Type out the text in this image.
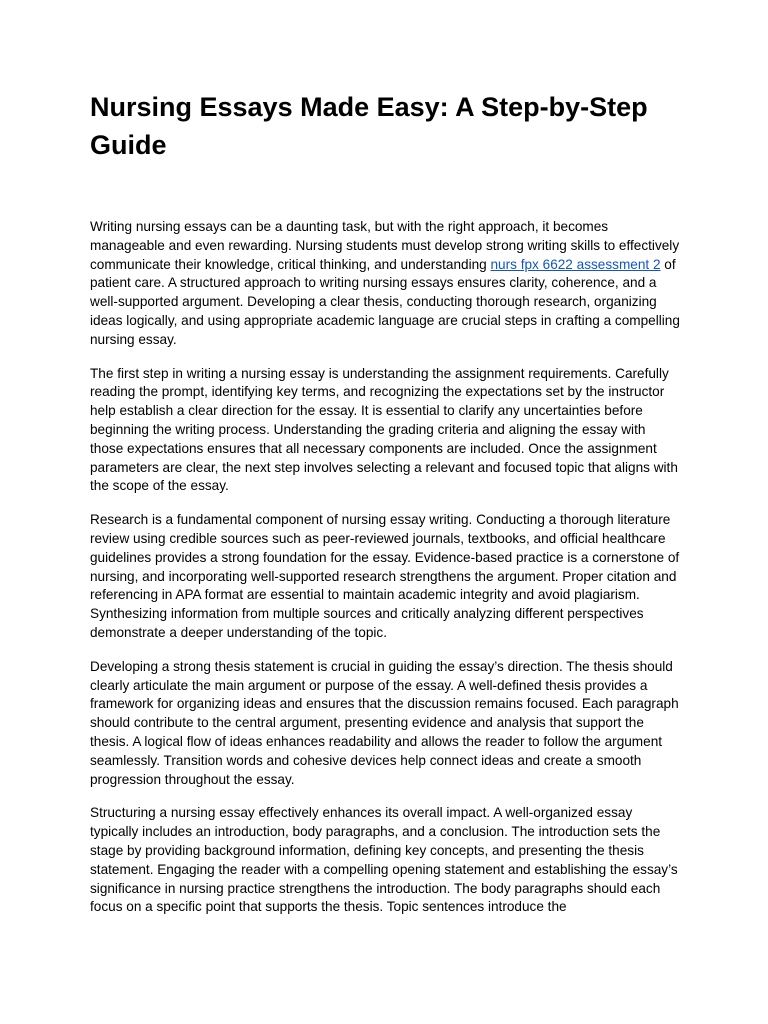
Nursing Essays Made Easy: A Step-by-Step Guide

Writing nursing essays can be a daunting task, but with the right approach, it becomes manageable and even rewarding. Nursing students must develop strong writing skills to effectively communicate their knowledge, critical thinking, and understanding nurs fpx 6622 assessment 2 of patient care. A structured approach to writing nursing essays ensures clarity, coherence, and a well-supported argument. Developing a clear thesis, conducting thorough research, organizing ideas logically, and using appropriate academic language are crucial steps in crafting a compelling nursing essay.

The first step in writing a nursing essay is understanding the assignment requirements. Carefully reading the prompt, identifying key terms, and recognizing the expectations set by the instructor help establish a clear direction for the essay. It is essential to clarify any uncertainties before beginning the writing process. Understanding the grading criteria and aligning the essay with those expectations ensures that all necessary components are included. Once the assignment parameters are clear, the next step involves selecting a relevant and focused topic that aligns with the scope of the essay.

Research is a fundamental component of nursing essay writing. Conducting a thorough literature review using credible sources such as peer-reviewed journals, textbooks, and official healthcare guidelines provides a strong foundation for the essay. Evidence-based practice is a cornerstone of nursing, and incorporating well-supported research strengthens the argument. Proper citation and referencing in APA format are essential to maintain academic integrity and avoid plagiarism. Synthesizing information from multiple sources and critically analyzing different perspectives demonstrate a deeper understanding of the topic.

Developing a strong thesis statement is crucial in guiding the essay’s direction. The thesis should clearly articulate the main argument or purpose of the essay. A well-defined thesis provides a framework for organizing ideas and ensures that the discussion remains focused. Each paragraph should contribute to the central argument, presenting evidence and analysis that support the thesis. A logical flow of ideas enhances readability and allows the reader to follow the argument seamlessly. Transition words and cohesive devices help connect ideas and create a smooth progression throughout the essay.

Structuring a nursing essay effectively enhances its overall impact. A well-organized essay typically includes an introduction, body paragraphs, and a conclusion. The introduction sets the stage by providing background information, defining key concepts, and presenting the thesis statement. Engaging the reader with a compelling opening statement and establishing the essay’s significance in nursing practice strengthens the introduction. The body paragraphs should each focus on a specific point that supports the thesis. Topic sentences introduce the
